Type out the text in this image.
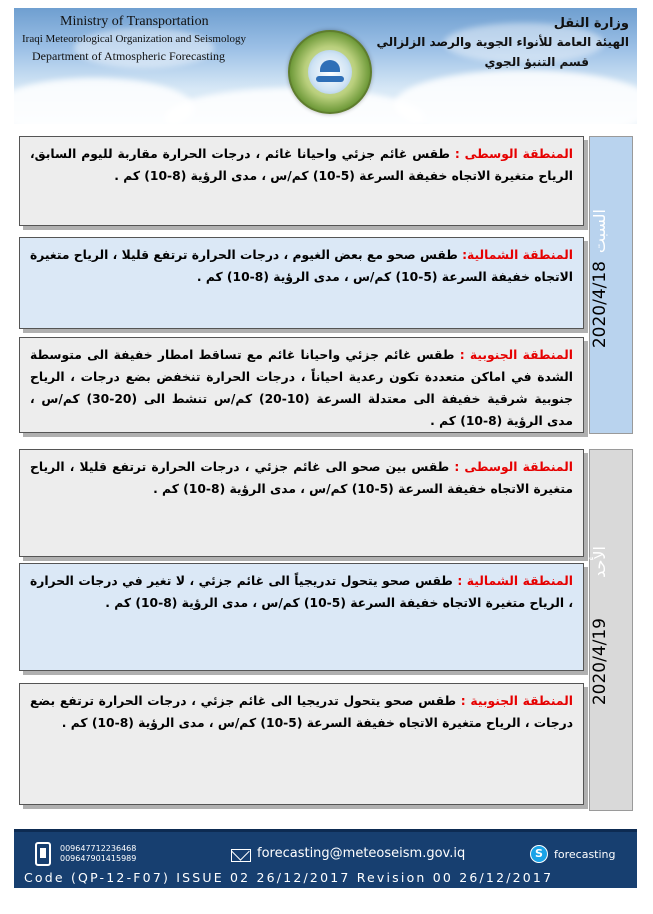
Ministry of Transportation
Iraqi Meteorological Organization and Seismology
Department of Atmospheric Forecasting
وزارة النقل
الهيئة العامة للأنواء الجوية والرصد الزلزالي
قسم التنبؤ الجوي
السبت
2020/4/18
الأحد
2020/4/19
المنطقة الوسطى : طقس غائم جزئي واحيانا غائم ، درجات الحرارة مقاربة لليوم السابق، الرياح متغيرة الاتجاه خفيفة السرعة (5-10) كم/س ، مدى الرؤية (8-10) كم .
المنطقة الشمالية: طقس صحو مع بعض الغيوم ، درجات الحرارة ترتفع قليلا ، الرياح متغيرة الاتجاه خفيفة السرعة (5-10) كم/س ، مدى الرؤية (8-10) كم .
المنطقة الجنوبية : طقس غائم جزئي واحيانا غائم مع تساقط امطار خفيفة الى متوسطة الشدة في اماكن متعددة تكون رعدية احياناً ، درجات الحرارة تنخفض بضع درجات ، الرياح جنوبية شرقية خفيفة الى معتدلة السرعة (10-20) كم/س تنشط الى (20-30) كم/س ، مدى الرؤية (8-10) كم .
المنطقة الوسطى : طقس بين صحو الى غائم جزئي ، درجات الحرارة ترتفع قليلا ، الرياح متغيرة الاتجاه خفيفة السرعة (5-10) كم/س ، مدى الرؤية (8-10) كم .
المنطقة الشمالية : طقس صحو يتحول تدريجياً الى غائم جزئي ، لا تغير في درجات الحرارة ، الرياح متغيرة الاتجاه خفيفة السرعة (5-10) كم/س ، مدى الرؤية (8-10) كم .
المنطقة الجنوبية : طقس صحو يتحول تدريجيا الى غائم جزئي ، درجات الحرارة ترتفع بضع درجات ، الرياح متغيرة الاتجاه خفيفة السرعة (5-10) كم/س ، مدى الرؤية (8-10) كم .
009647712236468
009647901415989	forecasting@meteoseism.gov.iq	S	forecasting
Code (QP-12-F07) ISSUE 02 26/12/2017 Revision 00 26/12/2017
